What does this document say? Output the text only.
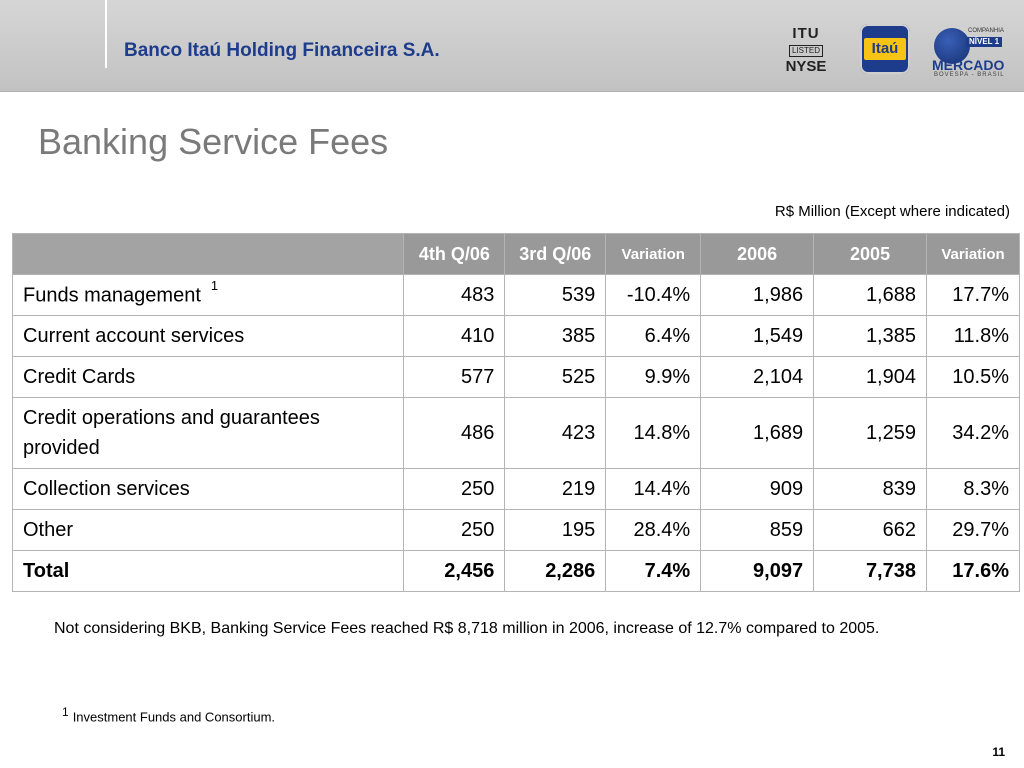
Banco Itaú Holding Financeira S.A.
ITU
LISTED
NYSE
Itaú
COMPANHIA
NÍVEL 1
MERCADO
BOVESPA - BRASIL
Banking Service Fees
R$ Million (Except where indicated)
	4th Q/06	3rd Q/06	Variation	2006	2005	Variation
Funds management $^1$	483	539	-10.4%	1,986	1,688	17.7%
Current account services	410	385	6.4%	1,549	1,385	11.8%
Credit Cards	577	525	9.9%	2,104	1,904	10.5%
Credit operations and guarantees provided	486	423	14.8%	1,689	1,259	34.2%
Collection services	250	219	14.4%	909	839	8.3%
Other	250	195	28.4%	859	662	29.7%
Total	2,456	2,286	7.4%	9,097	7,738	17.6%
Not considering BKB, Banking Service Fees reached R$ 8,718 million in 2006, increase of 12.7% compared to 2005.
$^1$ Investment Funds and Consortium.
11
